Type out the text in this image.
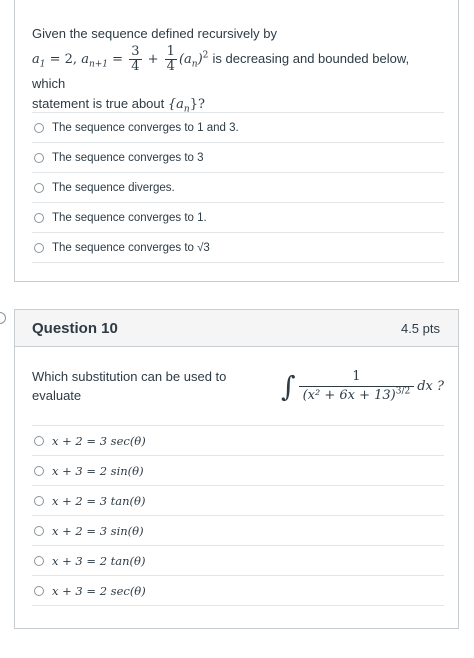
Given the sequence defined recursively by
$a_1 = 2$, $a_{n+1} = \frac{3}{4} + \frac{1}{4} (a_n)^2$ is decreasing and bounded below, which
statement is true about $\{a_n\}$?
The sequence converges to 1 and 3.
The sequence converges to 3
The sequence diverges.
The sequence converges to 1.
The sequence converges to √3
Question 10	4.5 pts
Which substitution can be used to evaluate	∫ $\frac{1}{(x^2 + 6x + 13)^{3/2}}$ dx ?
x + 2 = 3 sec(θ)
x + 3 = 2 sin(θ)
x + 2 = 3 tan(θ)
x + 2 = 3 sin(θ)
x + 3 = 2 tan(θ)
x + 3 = 2 sec(θ)
